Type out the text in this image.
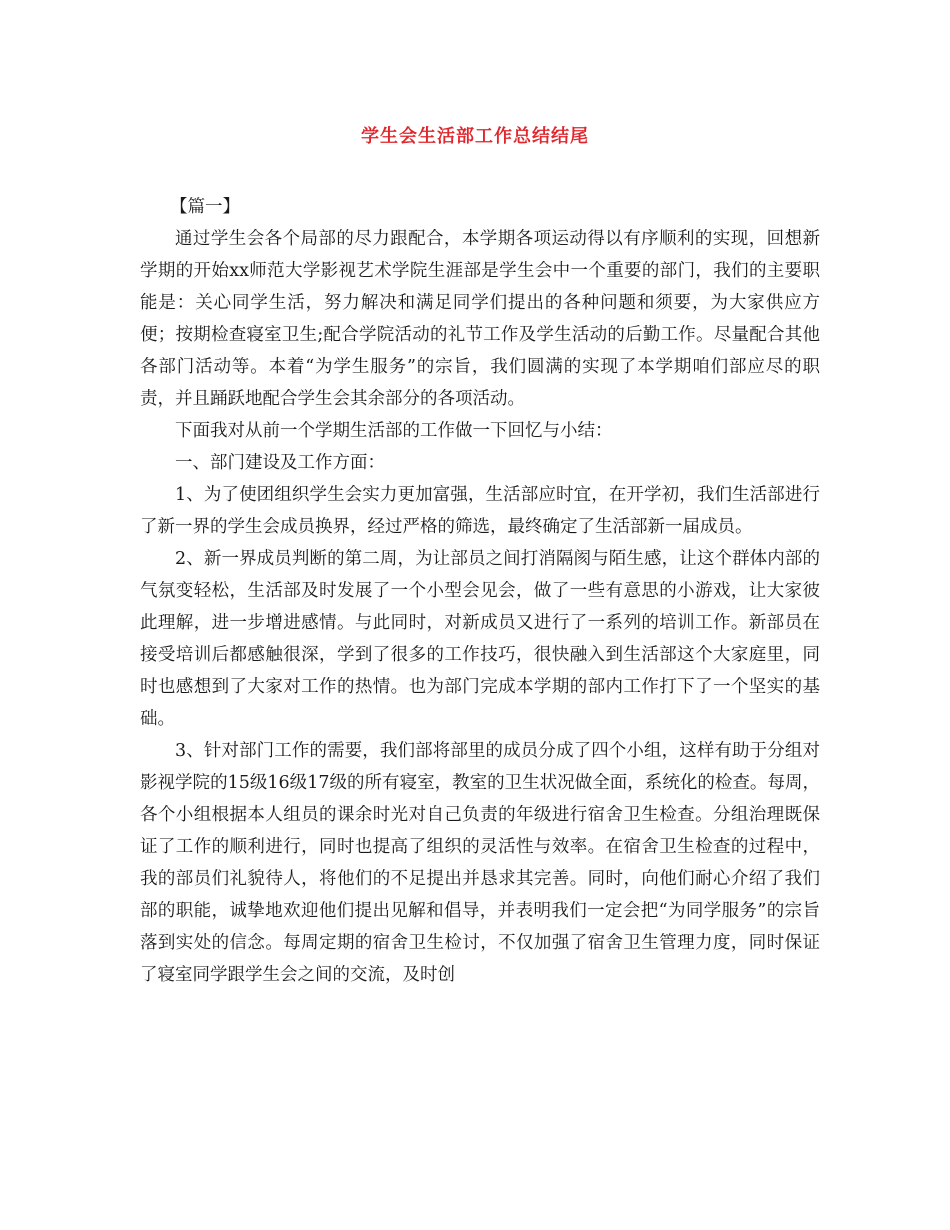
学生会生活部工作总结结尾
【篇一】

通过学生会各个局部的尽力跟配合，本学期各项运动得以有序顺利的实现，回想新学期的开始xx师范大学影视艺术学院生涯部是学生会中一个重要的部门，我们的主要职能是：关心同学生活，努力解决和满足同学们提出的各种问题和须要，为大家供应方便；按期检查寝室卫生;配合学院活动的礼节工作及学生活动的后勤工作。尽量配合其他各部门活动等。本着“为学生服务”的宗旨，我们圆满的实现了本学期咱们部应尽的职责，并且踊跃地配合学生会其余部分的各项活动。

下面我对从前一个学期生活部的工作做一下回忆与小结：

一、部门建设及工作方面：

1、为了使团组织学生会实力更加富强，生活部应时宜，在开学初，我们生活部进行了新一界的学生会成员换界，经过严格的筛选，最终确定了生活部新一届成员。

2、新一界成员判断的第二周，为让部员之间打消隔阂与陌生感，让这个群体内部的气氛变轻松，生活部及时发展了一个小型会见会，做了一些有意思的小游戏，让大家彼此理解，进一步增进感情。与此同时，对新成员又进行了一系列的培训工作。新部员在接受培训后都感触很深，学到了很多的工作技巧，很快融入到生活部这个大家庭里，同时也感想到了大家对工作的热情。也为部门完成本学期的部内工作打下了一个坚实的基础。

3、针对部门工作的需要，我们部将部里的成员分成了四个小组，这样有助于分组对影视学院的15级16级17级的所有寝室，教室的卫生状况做全面，系统化的检查。每周，各个小组根据本人组员的课余时光对自己负责的年级进行宿舍卫生检查。分组治理既保证了工作的顺利进行，同时也提高了组织的灵活性与效率。在宿舍卫生检查的过程中，我的部员们礼貌待人，将他们的不足提出并恳求其完善。同时，向他们耐心介绍了我们部的职能，诚挚地欢迎他们提出见解和倡导，并表明我们一定会把“为同学服务”的宗旨落到实处的信念。每周定期的宿舍卫生检讨，不仅加强了宿舍卫生管理力度，同时保证了寝室同学跟学生会之间的交流，及时创
